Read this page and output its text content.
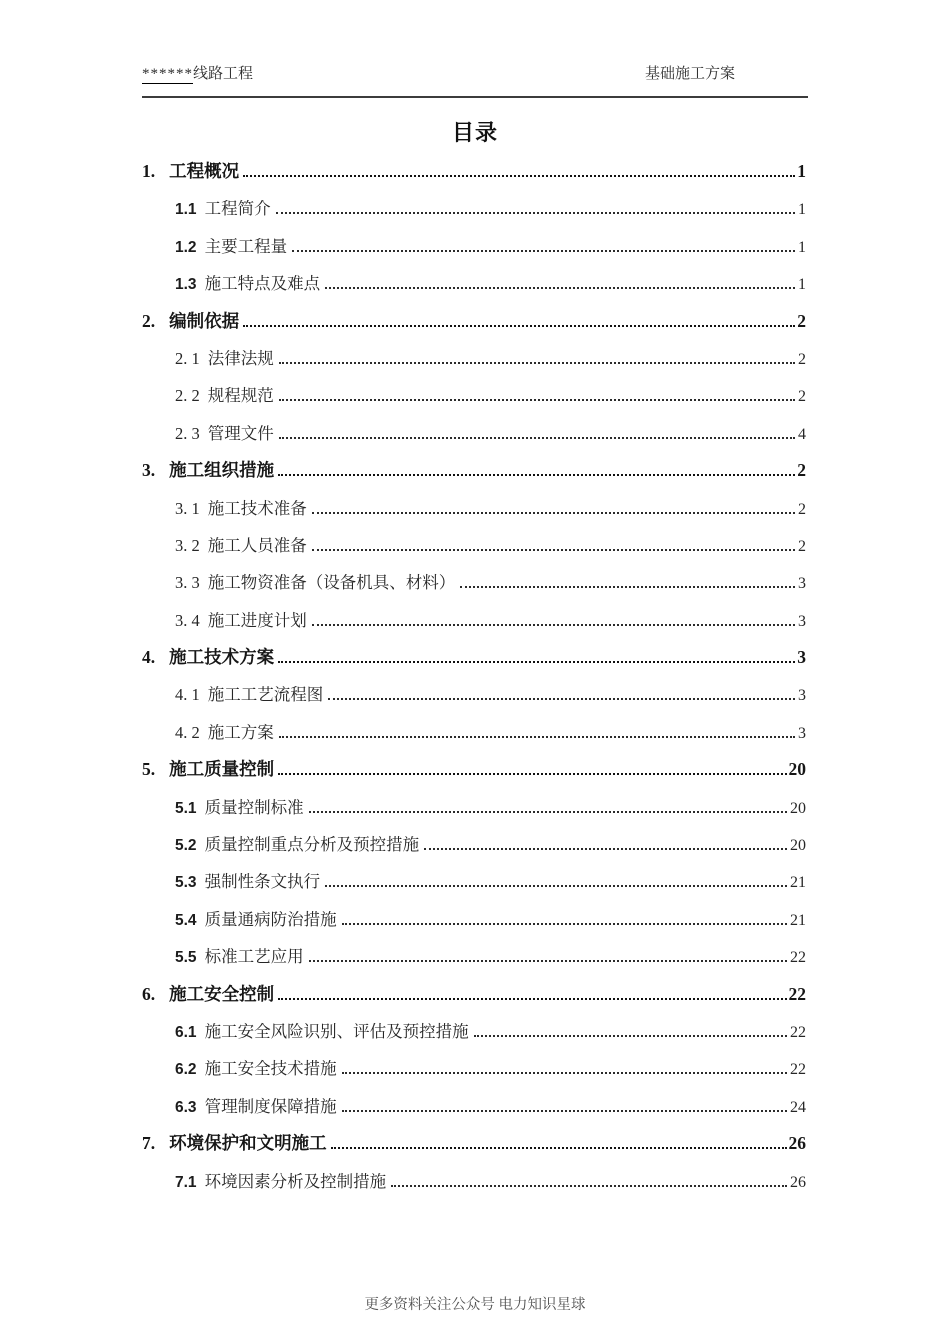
******线路工程	基础施工方案
目录
1. 工程概况	1
1.1 工程简介	1
1.2 主要工程量	1
1.3 施工特点及难点	1
2. 编制依据	2
2. 1 法律法规	2
2. 2 规程规范	2
2. 3 管理文件	4
3. 施工组织措施	2
3. 1 施工技术准备	2
3. 2 施工人员准备	2
3. 3 施工物资准备（设备机具、材料）	3
3. 4 施工进度计划	3
4. 施工技术方案	3
4. 1 施工工艺流程图	3
4. 2 施工方案	3
5. 施工质量控制	20
5.1 质量控制标准	20
5.2 质量控制重点分析及预控措施	20
5.3 强制性条文执行	21
5.4 质量通病防治措施	21
5.5 标准工艺应用	22
6. 施工安全控制	22
6.1 施工安全风险识别、评估及预控措施	22
6.2 施工安全技术措施	22
6.3 管理制度保障措施	24
7. 环境保护和文明施工	26
7.1 环境因素分析及控制措施	26
更多资料关注公众号 电力知识星球
